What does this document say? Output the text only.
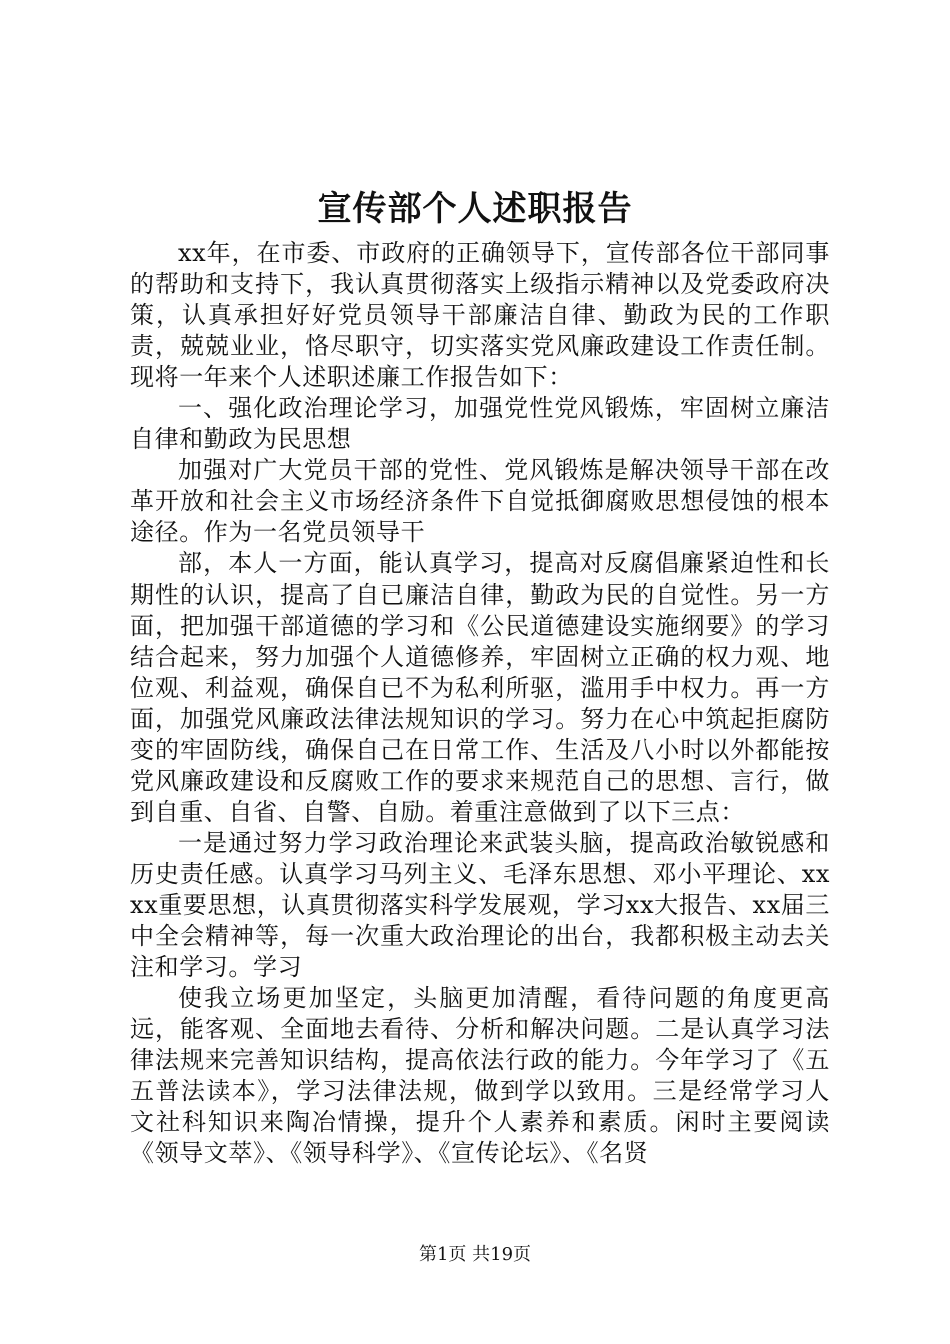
宣传部个人述职报告

xx年，在市委、市政府的正确领导下，宣传部各位干部同事的帮助和支持下，我认真贯彻落实上级指示精神以及党委政府决策，认真承担好好党员领导干部廉洁自律、勤政为民的工作职责，兢兢业业，恪尽职守，切实落实党风廉政建设工作责任制。现将一年来个人述职述廉工作报告如下：

一、强化政治理论学习，加强党性党风锻炼，牢固树立廉洁自律和勤政为民思想

加强对广大党员干部的党性、党风锻炼是解决领导干部在改革开放和社会主义市场经济条件下自觉抵御腐败思想侵蚀的根本途径。作为一名党员领导干

部，本人一方面，能认真学习，提高对反腐倡廉紧迫性和长期性的认识，提高了自已廉洁自律，勤政为民的自觉性。另一方面，把加强干部道德的学习和《公民道德建设实施纲要》的学习结合起来，努力加强个人道德修养，牢固树立正确的权力观、地位观、利益观，确保自已不为私利所驱，滥用手中权力。再一方面，加强党风廉政法律法规知识的学习。努力在心中筑起拒腐防变的牢固防线，确保自己在日常工作、生活及八小时以外都能按党风廉政建设和反腐败工作的要求来规范自己的思想、言行，做到自重、自省、自警、自励。着重注意做到了以下三点：

一是通过努力学习政治理论来武装头脑，提高政治敏锐感和历史责任感。认真学习马列主义、毛泽东思想、邓小平理论、xxxx重要思想，认真贯彻落实科学发展观，学习xx大报告、xx届三中全会精神等，每一次重大政治理论的出台，我都积极主动去关注和学习。学习

使我立场更加坚定，头脑更加清醒，看待问题的角度更高远，能客观、全面地去看待、分析和解决问题。二是认真学习法律法规来完善知识结构，提高依法行政的能力。今年学习了《五五普法读本》，学习法律法规，做到学以致用。三是经常学习人文社科知识来陶冶情操，提升个人素养和素质。闲时主要阅读《领导文萃》、《领导科学》、《宣传论坛》、《名贤

第1页 共19页
